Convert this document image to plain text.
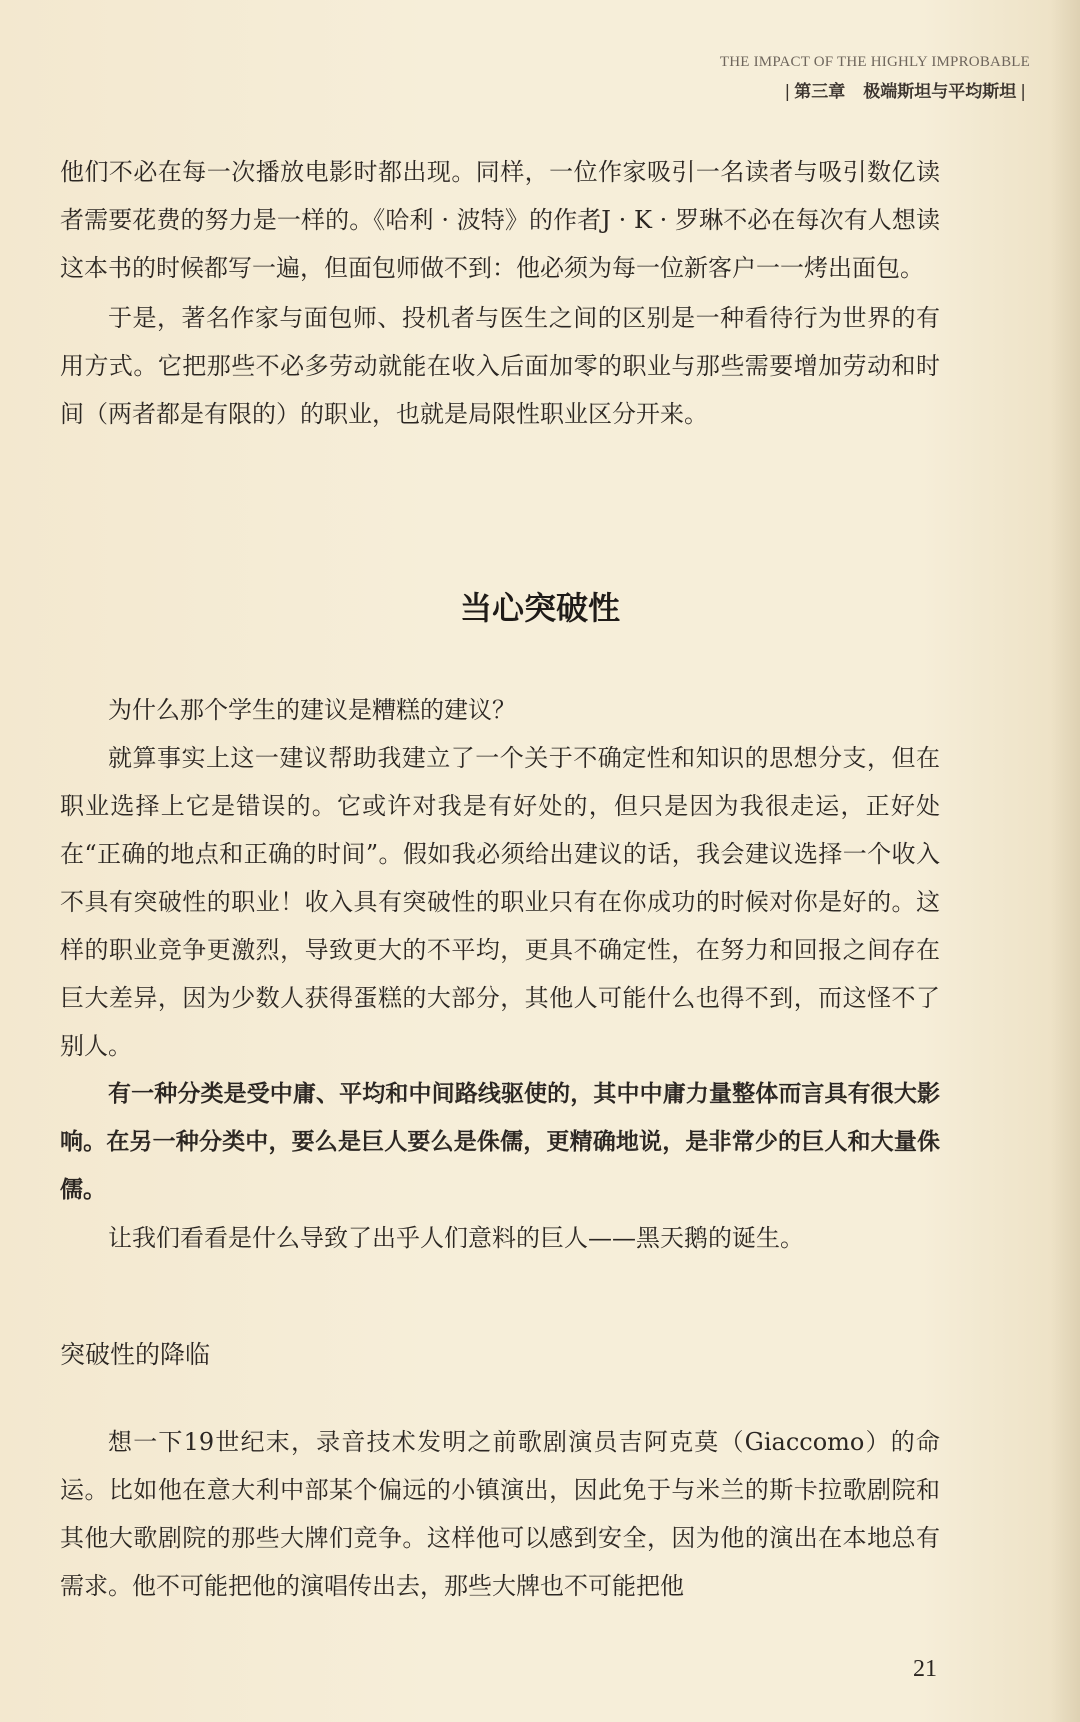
THE IMPACT OF THE HIGHLY IMPROBABLE
| 第三章 极端斯坦与平均斯坦 |

他们不必在每一次播放电影时都出现。同样，一位作家吸引一名读者与吸引数亿读者需要花费的努力是一样的。《哈利 · 波特》的作者J · K · 罗琳不必在每次有人想读这本书的时候都写一遍，但面包师做不到：他必须为每一位新客户一一烤出面包。

于是，著名作家与面包师、投机者与医生之间的区别是一种看待行为世界的有用方式。它把那些不必多劳动就能在收入后面加零的职业与那些需要增加劳动和时间（两者都是有限的）的职业，也就是局限性职业区分开来。

当心突破性

为什么那个学生的建议是糟糕的建议？

就算事实上这一建议帮助我建立了一个关于不确定性和知识的思想分支，但在职业选择上它是错误的。它或许对我是有好处的，但只是因为我很走运，正好处在“正确的地点和正确的时间”。假如我必须给出建议的话，我会建议选择一个收入不具有突破性的职业！收入具有突破性的职业只有在你成功的时候对你是好的。这样的职业竞争更激烈，导致更大的不平均，更具不确定性，在努力和回报之间存在巨大差异，因为少数人获得蛋糕的大部分，其他人可能什么也得不到，而这怪不了别人。

有一种分类是受中庸、平均和中间路线驱使的，其中中庸力量整体而言具有很大影响。在另一种分类中，要么是巨人要么是侏儒，更精确地说，是非常少的巨人和大量侏儒。

让我们看看是什么导致了出乎人们意料的巨人——黑天鹅的诞生。

突破性的降临

想一下19世纪末，录音技术发明之前歌剧演员吉阿克莫（Giaccomo）的命运。比如他在意大利中部某个偏远的小镇演出，因此免于与米兰的斯卡拉歌剧院和其他大歌剧院的那些大牌们竞争。这样他可以感到安全，因为他的演出在本地总有需求。他不可能把他的演唱传出去，那些大牌也不可能把他

21
